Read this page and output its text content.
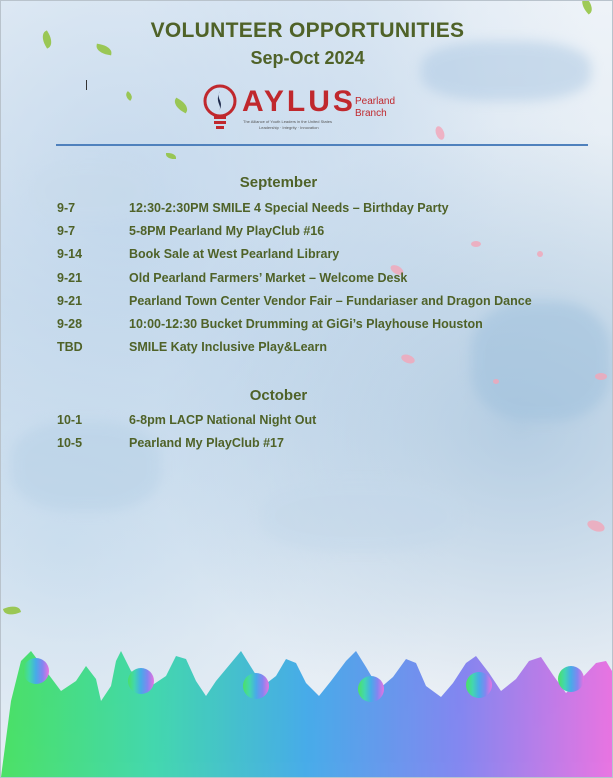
VOLUNTEER OPPORTUNITIES
Sep-Oct 2024
AYLUS
The Alliance of Youth Leaders in the United States
Leadership · Integrity · Innovation
Pearland
Branch
September
9-7	12:30-2:30PM SMILE 4 Special Needs – Birthday Party
9-7	5-8PM Pearland My PlayClub #16
9-14	Book Sale at West Pearland Library
9-21	Old Pearland Farmers’ Market – Welcome Desk
9-21	Pearland Town Center Vendor Fair – Fundariaser and Dragon Dance
9-28	10:00-12:30 Bucket Drumming at GiGi’s Playhouse Houston
TBD	SMILE Katy Inclusive Play&Learn
October
10-1	6-8pm LACP National Night Out
10-5	Pearland My PlayClub #17
